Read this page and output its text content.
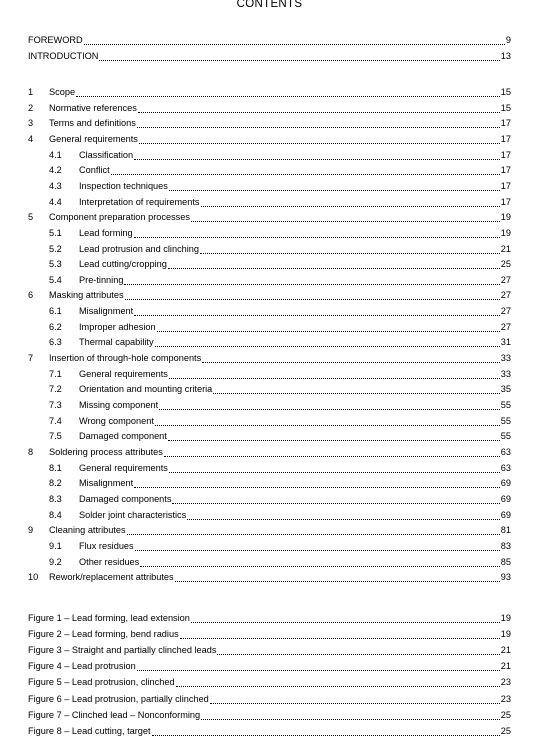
CONTENTS
FOREWORD	9
INTRODUCTION	13
1	Scope	15
2	Normative references	15
3	Terms and definitions	17
4	General requirements	17
4.1	Classification	17
4.2	Conflict	17
4.3	Inspection techniques	17
4.4	Interpretation of requirements	17
5	Component preparation processes	19
5.1	Lead forming	19
5.2	Lead protrusion and clinching	21
5.3	Lead cutting/cropping	25
5.4	Pre-tinning	27
6	Masking attributes	27
6.1	Misalignment	27
6.2	Improper adhesion	27
6.3	Thermal capability	31
7	Insertion of through-hole components	33
7.1	General requirements	33
7.2	Orientation and mounting criteria	35
7.3	Missing component	55
7.4	Wrong component	55
7.5	Damaged component	55
8	Soldering process attributes	63
8.1	General requirements	63
8.2	Misalignment	69
8.3	Damaged components	69
8.4	Solder joint characteristics	69
9	Cleaning attributes	81
9.1	Flux residues	83
9.2	Other residues	85
10	Rework/replacement attributes	93
Figure 1 – Lead forming, lead extension	19
Figure 2 – Lead forming, bend radius	19
Figure 3 – Straight and partially clinched leads	21
Figure 4 – Lead protrusion	21
Figure 5 – Lead protrusion, clinched	23
Figure 6 – Lead protrusion, partially clinched	23
Figure 7 – Clinched lead – Nonconforming	25
Figure 8 – Lead cutting, target	25
